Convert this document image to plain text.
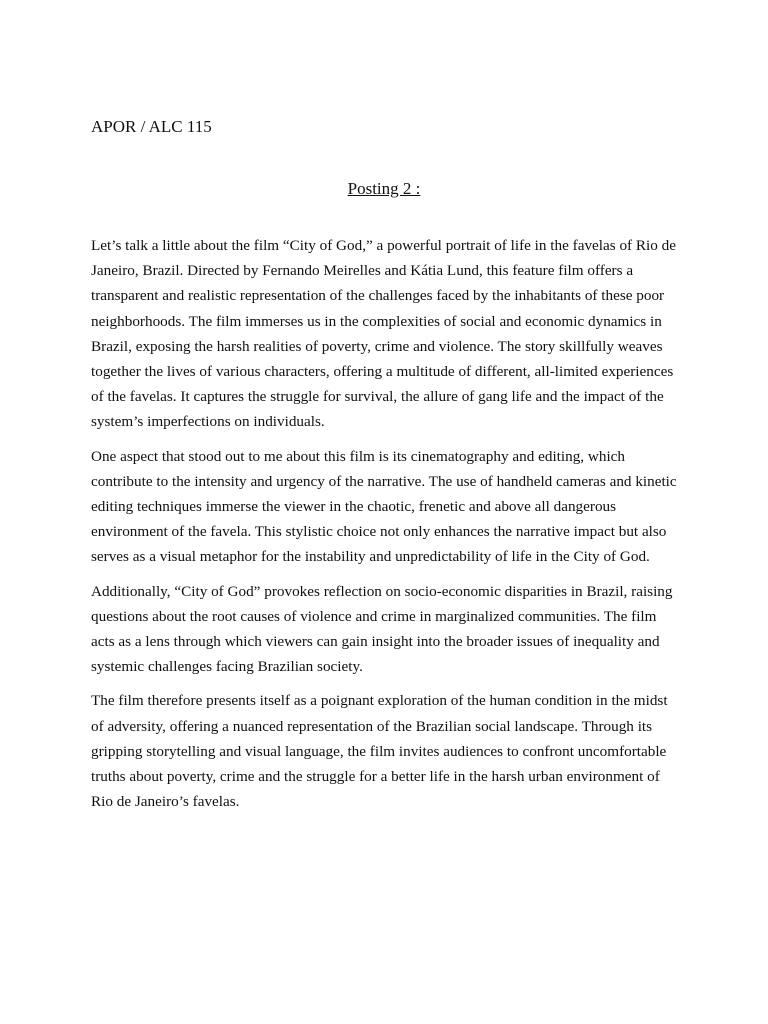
APOR / ALC 115

Posting 2 :

Let’s talk a little about the film “City of God,” a powerful portrait of life in the favelas of Rio de Janeiro, Brazil. Directed by Fernando Meirelles and Kátia Lund, this feature film offers a transparent and realistic representation of the challenges faced by the inhabitants of these poor neighborhoods. The film immerses us in the complexities of social and economic dynamics in Brazil, exposing the harsh realities of poverty, crime and violence. The story skillfully weaves together the lives of various characters, offering a multitude of different, all-limited experiences of the favelas. It captures the struggle for survival, the allure of gang life and the impact of the system’s imperfections on individuals.

One aspect that stood out to me about this film is its cinematography and editing, which contribute to the intensity and urgency of the narrative. The use of handheld cameras and kinetic editing techniques immerse the viewer in the chaotic, frenetic and above all dangerous environment of the favela. This stylistic choice not only enhances the narrative impact but also serves as a visual metaphor for the instability and unpredictability of life in the City of God.

Additionally, “City of God” provokes reflection on socio-economic disparities in Brazil, raising questions about the root causes of violence and crime in marginalized communities. The film acts as a lens through which viewers can gain insight into the broader issues of inequality and systemic challenges facing Brazilian society.

The film therefore presents itself as a poignant exploration of the human condition in the midst of adversity, offering a nuanced representation of the Brazilian social landscape. Through its gripping storytelling and visual language, the film invites audiences to confront uncomfortable truths about poverty, crime and the struggle for a better life in the harsh urban environment of Rio de Janeiro’s favelas.
